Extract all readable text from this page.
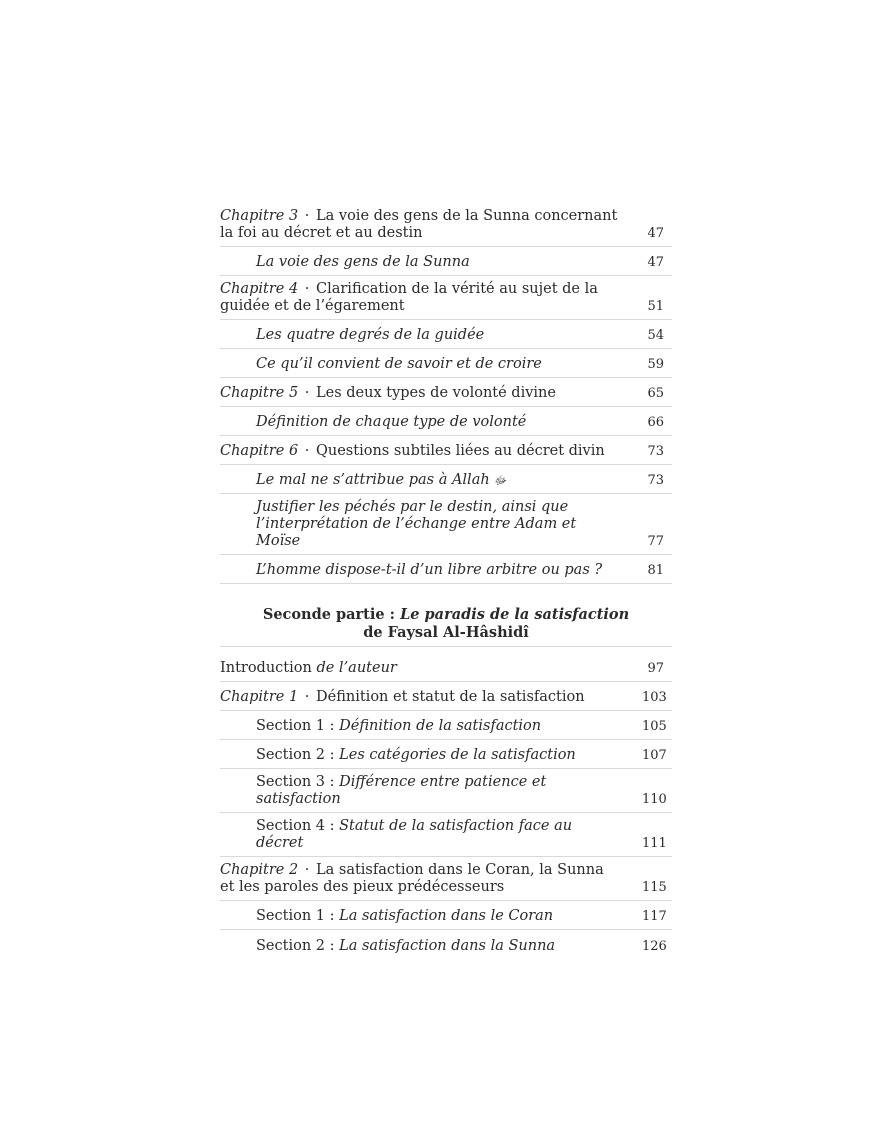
Chapitre 3 · La voie des gens de la Sunna concernant la foi au décret et au destin	47
La voie des gens de la Sunna	47
Chapitre 4 · Clarification de la vérité au sujet de la guidée et de l’égarement	51
Les quatre degrés de la guidée	54
Ce qu’il convient de savoir et de croire	59
Chapitre 5 · Les deux types de volonté divine	65
Définition de chaque type de volonté	66
Chapitre 6 · Questions subtiles liées au décret divin	73
Le mal ne s’attribue pas à Allah ﷻ	73
Justifier les péchés par le destin, ainsi que l’interprétation de l’échange entre Adam et Moïse	77
L’homme dispose-t-il d’un libre arbitre ou pas ?	81
Seconde partie : Le paradis de la satisfaction
de Faysal Al-Hâshidî
Introduction de l’auteur	97
Chapitre 1 · Définition et statut de la satisfaction	103
Section 1 : Définition de la satisfaction	105
Section 2 : Les catégories de la satisfaction	107
Section 3 : Différence entre patience et satisfaction	110
Section 4 : Statut de la satisfaction face au décret	111
Chapitre 2 · La satisfaction dans le Coran, la Sunna et les paroles des pieux prédécesseurs	115
Section 1 : La satisfaction dans le Coran	117
Section 2 : La satisfaction dans la Sunna	126
